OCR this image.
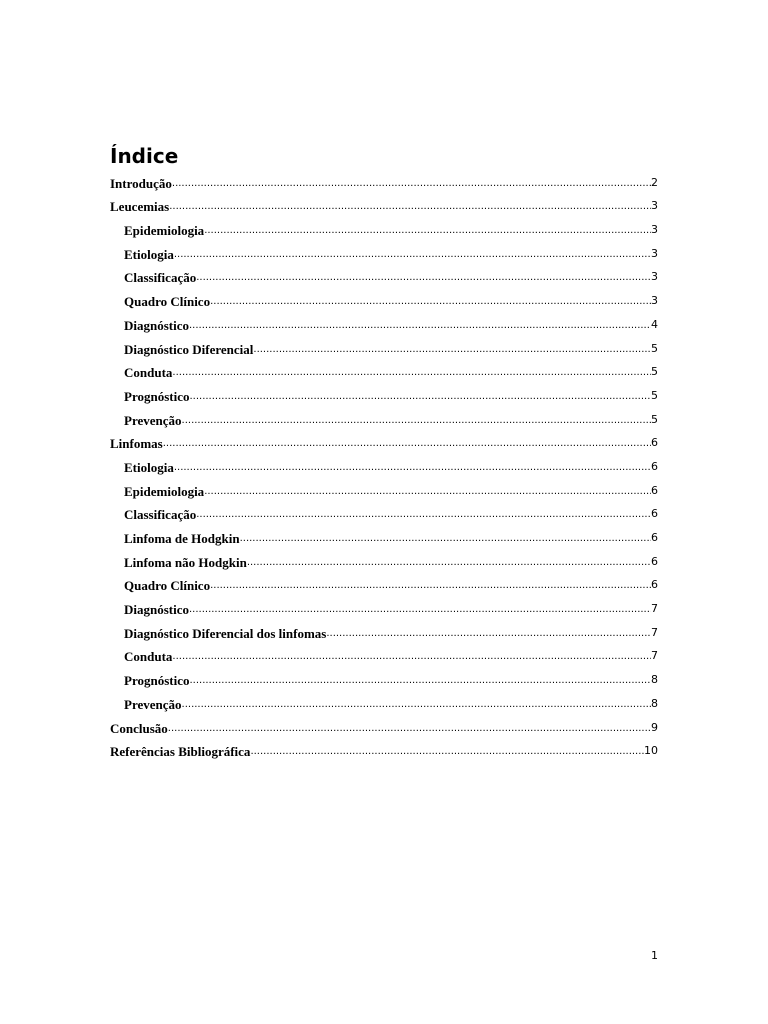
Índice
Introdução .....	2
Leucemias .....	3
Epidemiologia .....	3
Etiologia .....	3
Classificação .....	3
Quadro Clínico .....	3
Diagnóstico .....	4
Diagnóstico Diferencial .....	5
Conduta .....	5
Prognóstico .....	5
Prevenção .....	5
Linfomas .....	6
Etiologia .....	6
Epidemiologia .....	6
Classificação .....	6
Linfoma de Hodgkin .....	6
Linfoma não Hodgkin .....	6
Quadro Clínico .....	6
Diagnóstico .....	7
Diagnóstico Diferencial dos linfomas .....	7
Conduta .....	7
Prognóstico .....	8
Prevenção .....	8
Conclusão .....	9
Referências Bibliográfica .....	10
1
